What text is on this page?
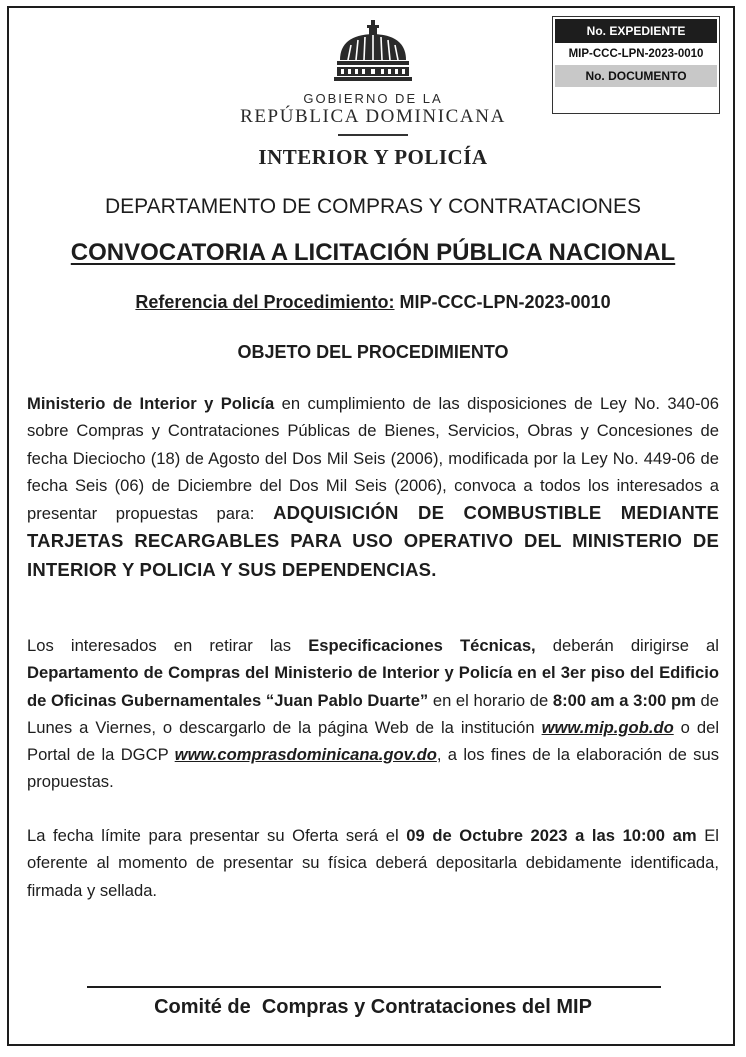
No. EXPEDIENTE
MIP-CCC-LPN-2023-0010
No. DOCUMENTO
GOBIERNO DE LA
REPÚBLICA DOMINICANA
INTERIOR Y POLICÍA
DEPARTAMENTO DE COMPRAS Y CONTRATACIONES
CONVOCATORIA A LICITACIÓN PÚBLICA NACIONAL
Referencia del Procedimiento: MIP-CCC-LPN-2023-0010
OBJETO DEL PROCEDIMIENTO
Ministerio de Interior y Policía en cumplimiento de las disposiciones de Ley No. 340-06 sobre Compras y Contrataciones Públicas de Bienes, Servicios, Obras y Concesiones de fecha Dieciocho (18) de Agosto del Dos Mil Seis (2006), modificada por la Ley No. 449-06 de fecha Seis (06) de Diciembre del Dos Mil Seis (2006), convoca a todos los interesados a presentar propuestas para: ADQUISICIÓN DE COMBUSTIBLE MEDIANTE TARJETAS RECARGABLES PARA USO OPERATIVO DEL MINISTERIO DE INTERIOR Y POLICIA Y SUS DEPENDENCIAS.
Los interesados en retirar las Especificaciones Técnicas, deberán dirigirse al Departamento de Compras del Ministerio de Interior y Policía en el 3er piso del Edificio de Oficinas Gubernamentales “Juan Pablo Duarte” en el horario de 8:00 am a 3:00 pm de Lunes a Viernes, o descargarlo de la página Web de la institución www.mip.gob.do o del Portal de la DGCP www.comprasdominicana.gov.do, a los fines de la elaboración de sus propuestas.
La fecha límite para presentar su Oferta será el 09 de Octubre 2023 a las 10:00 am El oferente al momento de presentar su física deberá depositarla debidamente identificada, firmada y sellada.
Comité de  Compras y Contrataciones del MIP
